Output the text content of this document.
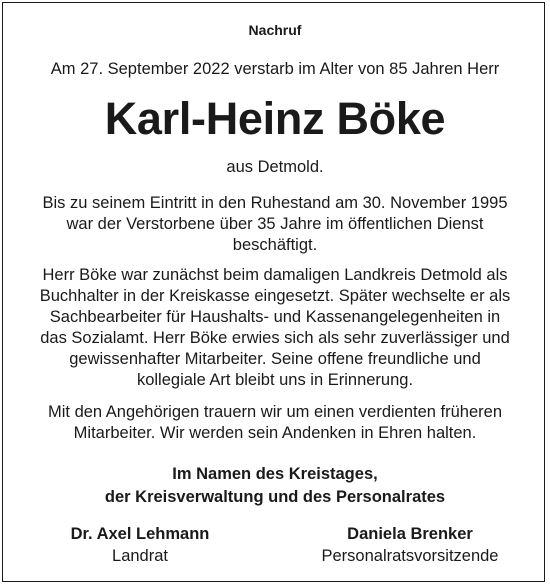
Nachruf
Am 27. September 2022 verstarb im Alter von 85 Jahren Herr
Karl-Heinz Böke
aus Detmold.
Bis zu seinem Eintritt in den Ruhestand am 30. November 1995
war der Verstorbene über 35 Jahre im öffentlichen Dienst
beschäftigt.
Herr Böke war zunächst beim damaligen Landkreis Detmold als
Buchhalter in der Kreiskasse eingesetzt. Später wechselte er als
Sachbearbeiter für Haushalts- und Kassenangelegenheiten in
das Sozialamt. Herr Böke erwies sich als sehr zuverlässiger und
gewissenhafter Mitarbeiter. Seine offene freundliche und
kollegiale Art bleibt uns in Erinnerung.
Mit den Angehörigen trauern wir um einen verdienten früheren
Mitarbeiter. Wir werden sein Andenken in Ehren halten.
Im Namen des Kreistages,
der Kreisverwaltung und des Personalrates
Dr. Axel Lehmann
Landrat
Daniela Brenker
Personalratsvorsitzende
